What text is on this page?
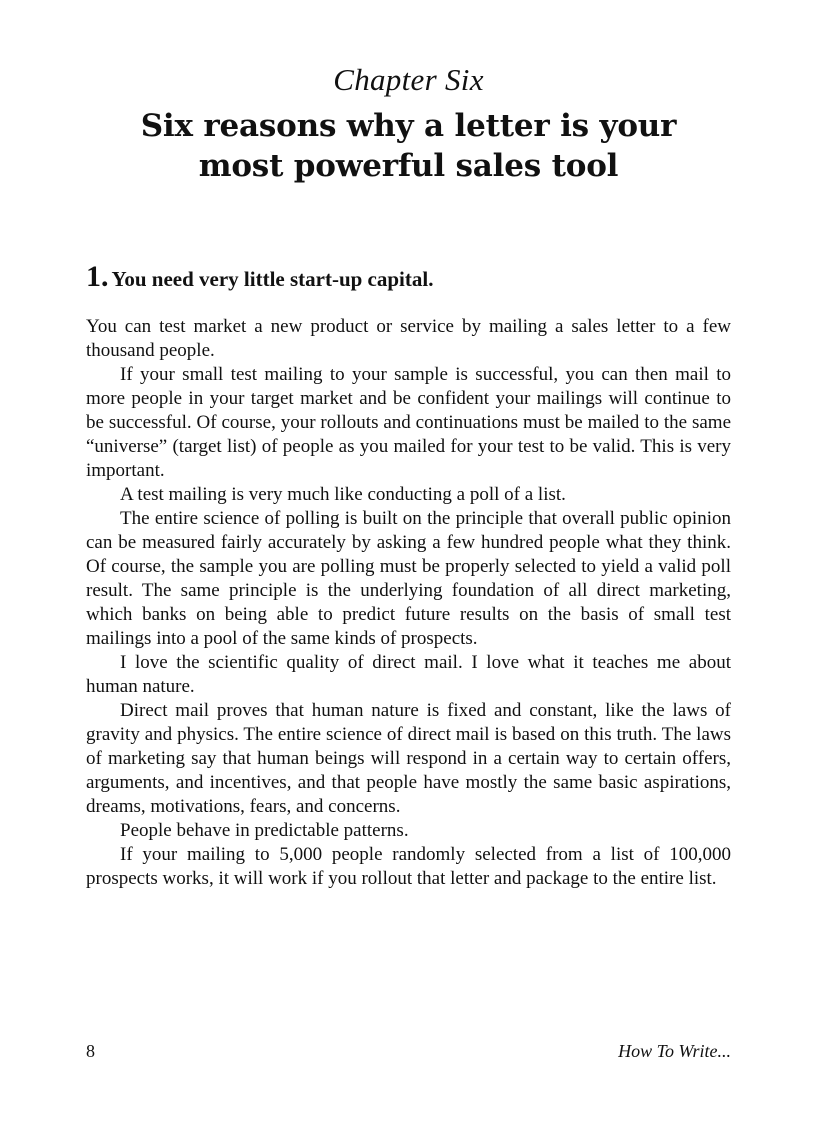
Chapter Six
Six reasons why a letter is your
most powerful sales tool
1. You need very little start-up capital.

You can test market a new product or service by mailing a sales letter to a few thousand people.

If your small test mailing to your sample is successful, you can then mail to more people in your target market and be confident your mailings will continue to be successful. Of course, your rollouts and continuations must be mailed to the same “universe” (target list) of people as you mailed for your test to be valid. This is very important.

A test mailing is very much like conducting a poll of a list.

The entire science of polling is built on the principle that overall public opinion can be measured fairly accurately by asking a few hundred people what they think. Of course, the sample you are polling must be properly selected to yield a valid poll result. The same principle is the underlying foundation of all direct marketing, which banks on being able to predict future results on the basis of small test mailings into a pool of the same kinds of prospects.

I love the scientific quality of direct mail. I love what it teaches me about human nature.

Direct mail proves that human nature is fixed and constant, like the laws of gravity and physics. The entire science of direct mail is based on this truth. The laws of marketing say that human beings will respond in a certain way to certain offers, arguments, and incentives, and that people have mostly the same basic aspirations, dreams, motivations, fears, and concerns.

People behave in predictable patterns.

If your mailing to 5,000 people randomly selected from a list of 100,000 prospects works, it will work if you rollout that letter and package to the entire list.

8	How To Write...
